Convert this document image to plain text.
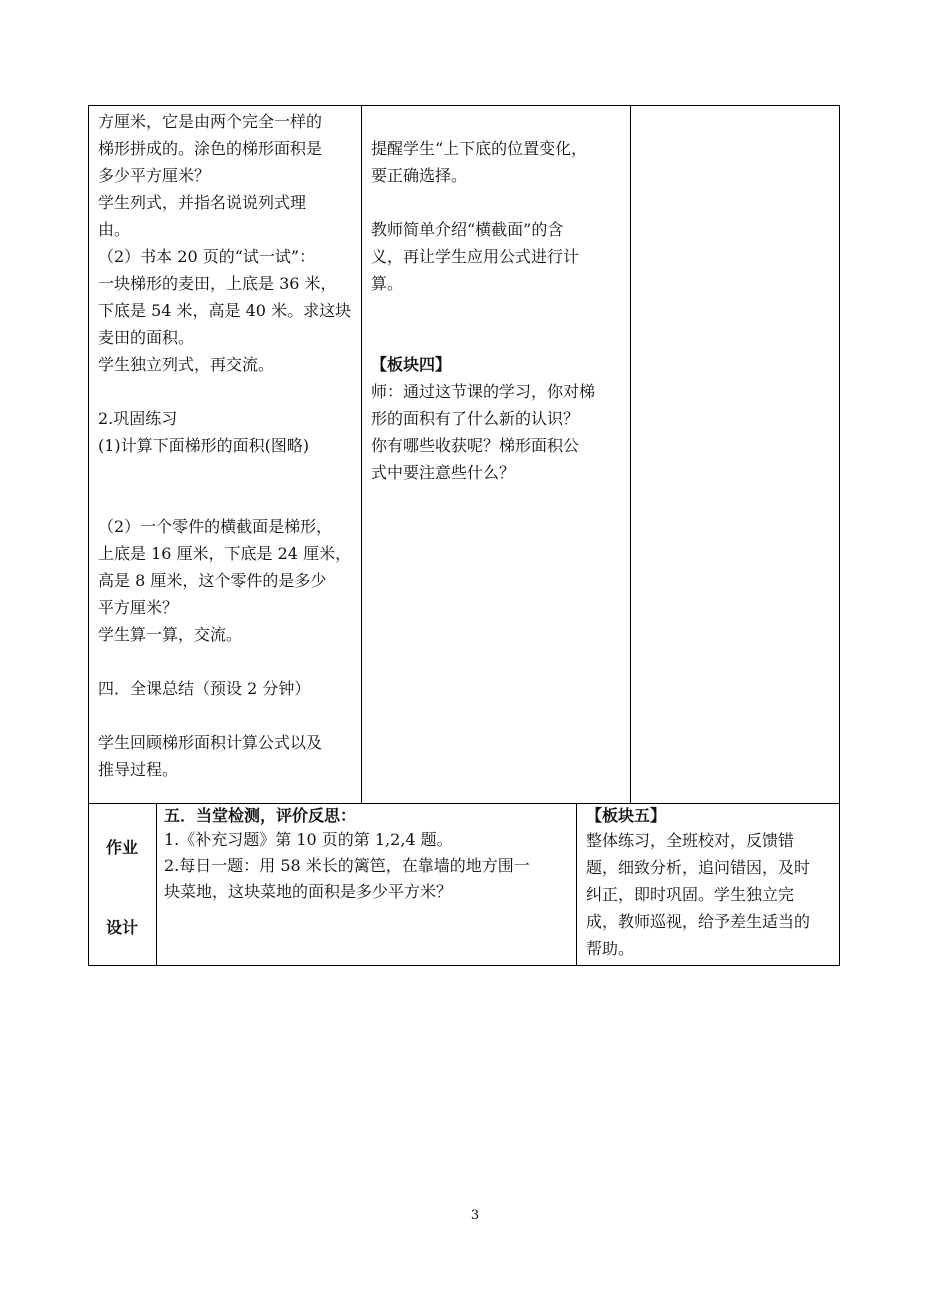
方厘米，它是由两个完全一样的

梯形拼成的。涂色的梯形面积是

多少平方厘米？

学生列式，并指名说说列式理

由。

（2）书本 20 页的“试一试”：

一块梯形的麦田，上底是 36 米，

下底是 54 米，高是 40 米。求这块

麦田的面积。

学生独立列式，再交流。

2.巩固练习

(1)计算下面梯形的面积(图略)

（2）一个零件的横截面是梯形，

上底是 16 厘米，下底是 24 厘米，

高是 8 厘米，这个零件的是多少

平方厘米？

学生算一算，交流。

四．全课总结（预设 2 分钟）

学生回顾梯形面积计算公式以及

推导过程。

提醒学生“上下底的位置变化，

要正确选择。

教师简单介绍“横截面”的含

义，再让学生应用公式进行计

算。

【板块四】

师：通过这节课的学习，你对梯

形的面积有了什么新的认识？

你有哪些收获呢？梯形面积公

式中要注意些什么？

作业
设计

五．当堂检测，评价反思：

1.《补充习题》第 10 页的第 1,2,4 题。

2.每日一题：用 58 米长的篱笆，在靠墙的地方围一

块菜地，这块菜地的面积是多少平方米？

【板块五】

整体练习，全班校对，反馈错

题，细致分析，追问错因，及时

纠正，即时巩固。学生独立完

成，教师巡视，给予差生适当的

帮助。

3
